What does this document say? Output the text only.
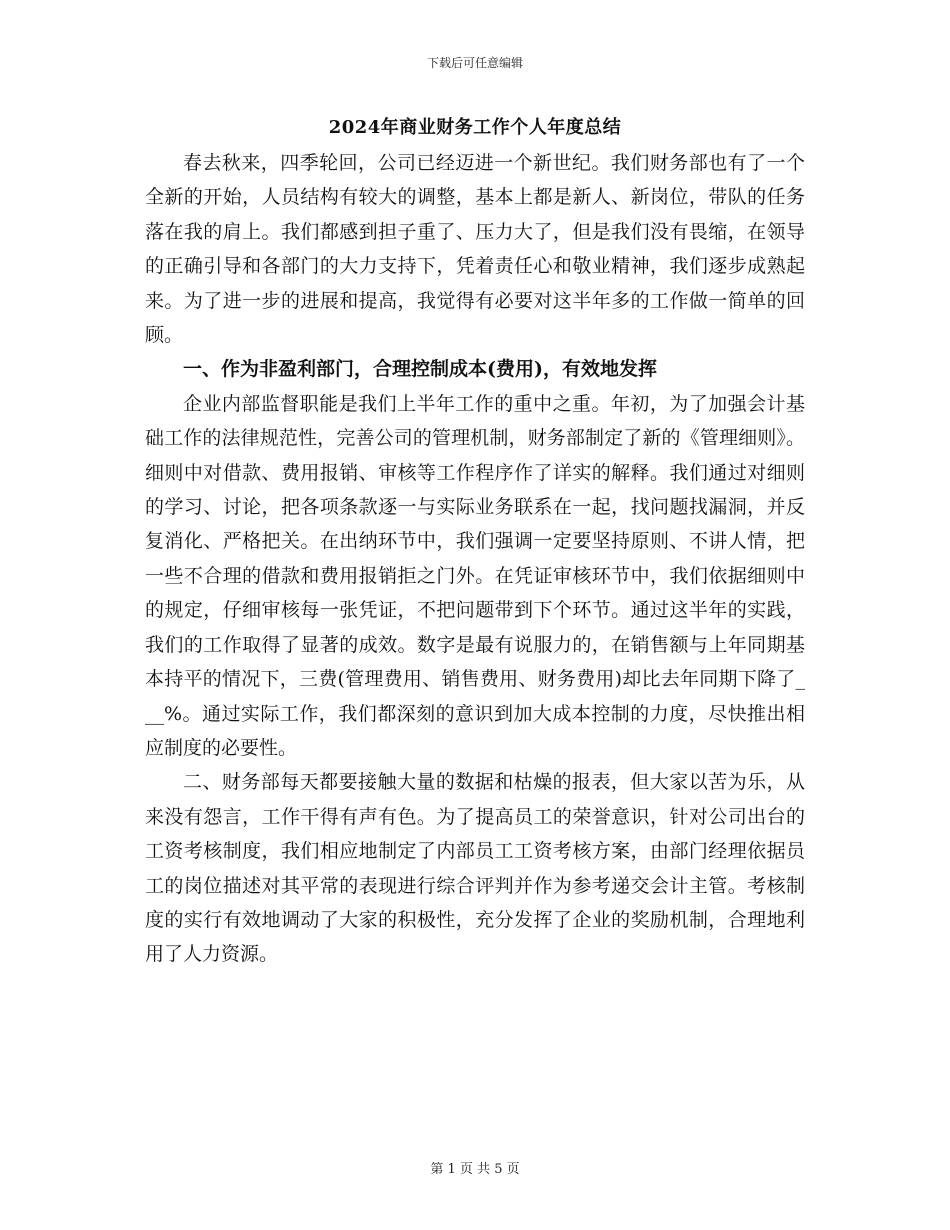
下载后可任意编辑
2024年商业财务工作个人年度总结

春去秋来，四季轮回，公司已经迈进一个新世纪。我们财务部也有了一个全新的开始，人员结构有较大的调整，基本上都是新人、新岗位，带队的任务落在我的肩上。我们都感到担子重了、压力大了，但是我们没有畏缩，在领导的正确引导和各部门的大力支持下，凭着责任心和敬业精神，我们逐步成熟起来。为了进一步的进展和提高，我觉得有必要对这半年多的工作做一简单的回顾。

一、作为非盈利部门，合理控制成本(费用)，有效地发挥

企业内部监督职能是我们上半年工作的重中之重。年初，为了加强会计基础工作的法律规范性，完善公司的管理机制，财务部制定了新的《管理细则》。细则中对借款、费用报销、审核等工作程序作了详实的解释。我们通过对细则的学习、讨论，把各项条款逐一与实际业务联系在一起，找问题找漏洞，并反复消化、严格把关。在出纳环节中，我们强调一定要坚持原则、不讲人情，把一些不合理的借款和费用报销拒之门外。在凭证审核环节中，我们依据细则中的规定，仔细审核每一张凭证，不把问题带到下个环节。通过这半年的实践，我们的工作取得了显著的成效。数字是最有说服力的，在销售额与上年同期基本持平的情况下，三费(管理费用、销售费用、财务费用)却比去年同期下降了___%。通过实际工作，我们都深刻的意识到加大成本控制的力度，尽快推出相应制度的必要性。

二、财务部每天都要接触大量的数据和枯燥的报表，但大家以苦为乐，从来没有怨言，工作干得有声有色。为了提高员工的荣誉意识，针对公司出台的工资考核制度，我们相应地制定了内部员工工资考核方案，由部门经理依据员工的岗位描述对其平常的表现进行综合评判并作为参考递交会计主管。考核制度的实行有效地调动了大家的积极性，充分发挥了企业的奖励机制，合理地利用了人力资源。

第 1 页 共 5 页
